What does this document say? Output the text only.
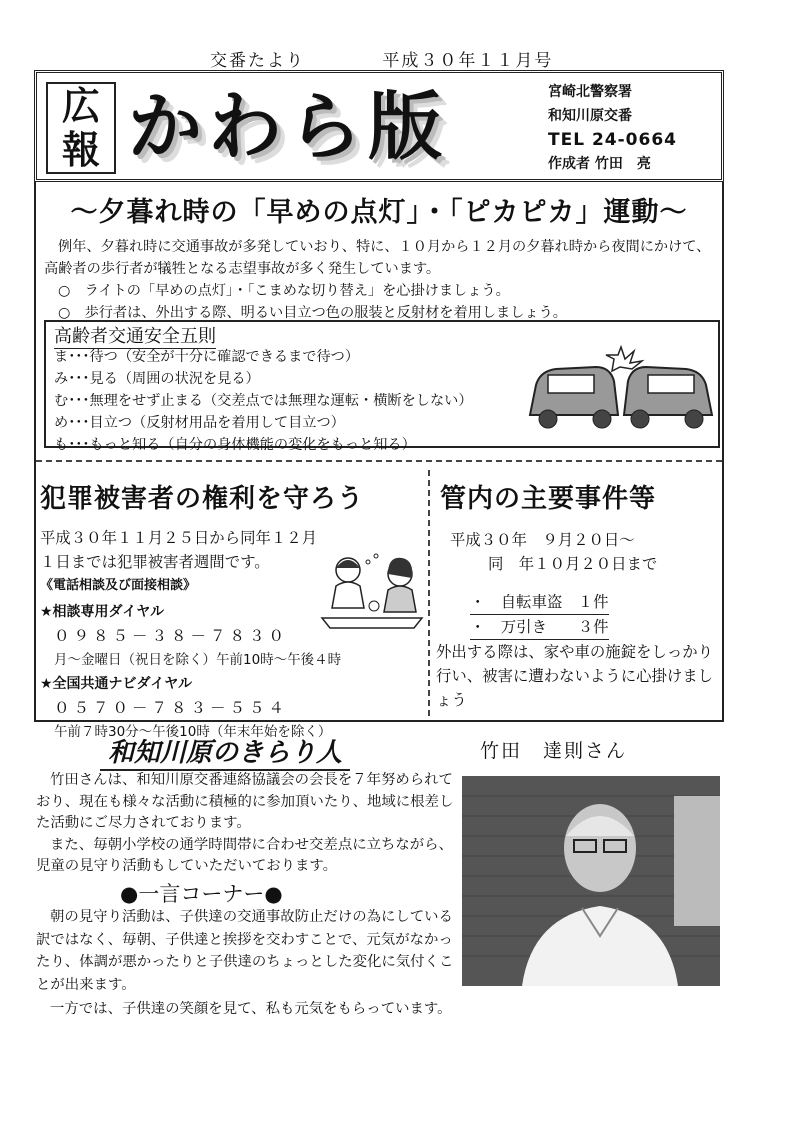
交番たより	平成３０年１１月号
広報 かわら版	宮崎北警察署
和知川原交番
TEL 24-0664
作成者 竹田　亮
～夕暮れ時の「早めの点灯」・「ピカピカ」運動～
例年、夕暮れ時に交通事故が多発していおり、特に、１０月から１２月の夕暮れ時から夜間にかけて、高齢者の歩行者が犠牲となる志望事故が多く発生しています。
○　ライトの「早めの点灯」・「こまめな切り替え」を心掛けましょう。
○　歩行者は、外出する際、明るい目立つ色の服装と反射材を着用しましょう。
高齢者交通安全五則
ま･･･待つ（安全が十分に確認できるまで待つ）
み･･･見る（周囲の状況を見る）
む･･･無理をせず止まる（交差点では無理な運転・横断をしない）
め･･･目立つ（反射材用品を着用して目立つ）
も･･･もっと知る（自分の身体機能の変化をもっと知る）
犯罪被害者の権利を守ろう
平成３０年１１月２５日から同年１２月１日までは犯罪被害者週間です。
《電話相談及び面接相談》
★相談専用ダイヤル
０９８５－３８－７８３０
月～金曜日（祝日を除く）午前10時～午後４時
★全国共通ナビダイヤル
０５７０－７８３－５５４
午前７時30分～午後10時（年末年始を除く）
管内の主要事件等
平成３０年　９月２０日～
同　年１０月２０日まで
・　自転車盗　１件
・　万引き　　３件
外出する際は、家や車の施錠をしっかり行い、被害に遭わないように心掛けましょう
和知川原のきらり人	竹田　達則さん

竹田さんは、和知川原交番連絡協議会の会長を７年努められており、現在も様々な活動に積極的に参加頂いたり、地域に根差した活動にご尽力されております。

また、毎朝小学校の通学時間帯に合わせ交差点に立ちながら、児童の見守り活動もしていただいております。

●一言コーナー●

朝の見守り活動は、子供達の交通事故防止だけの為にしている訳ではなく、毎朝、子供達と挨拶を交わすことで、元気がなかったり、体調が悪かったりと子供達のちょっとした変化に気付くことが出来ます。

一方では、子供達の笑顔を見て、私も元気をもらっています。
